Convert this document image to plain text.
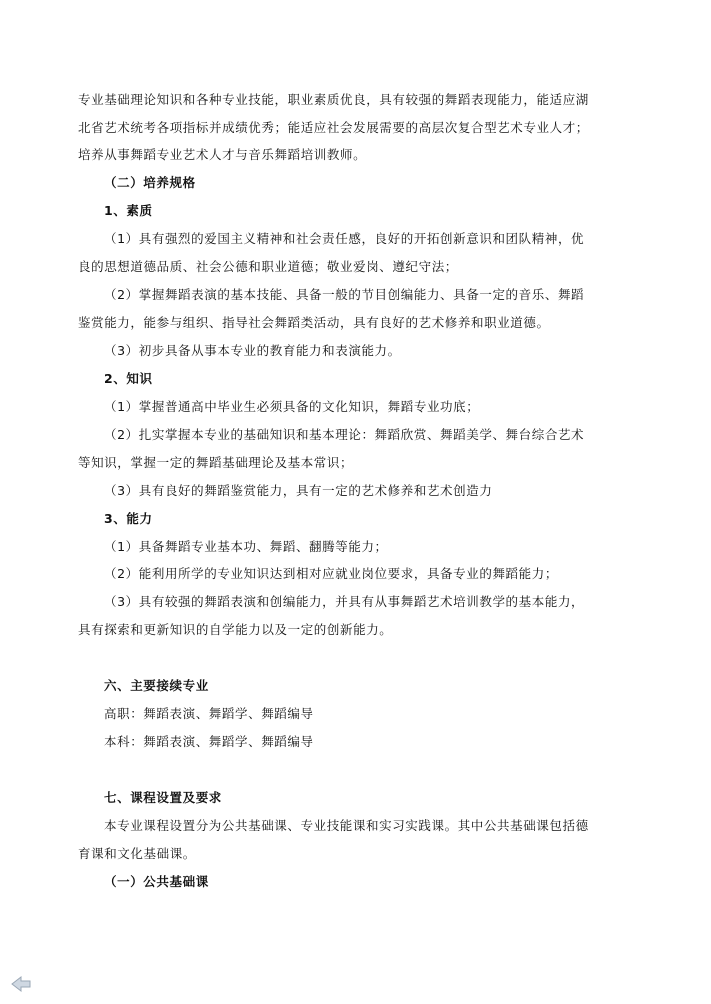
专业基础理论知识和各种专业技能，职业素质优良，具有较强的舞蹈表现能力，能适应湖
北省艺术统考各项指标并成绩优秀；能适应社会发展需要的高层次复合型艺术专业人才；
培养从事舞蹈专业艺术人才与音乐舞蹈培训教师。
（二）培养规格
1、素质
（1）具有强烈的爱国主义精神和社会责任感，良好的开拓创新意识和团队精神，优
良的思想道德品质、社会公德和职业道德；敬业爱岗、遵纪守法；
（2）掌握舞蹈表演的基本技能、具备一般的节目创编能力、具备一定的音乐、舞蹈
鉴赏能力，能参与组织、指导社会舞蹈类活动，具有良好的艺术修养和职业道德。
（3）初步具备从事本专业的教育能力和表演能力。
2、知识
（1）掌握普通高中毕业生必须具备的文化知识，舞蹈专业功底；
（2）扎实掌握本专业的基础知识和基本理论：舞蹈欣赏、舞蹈美学、舞台综合艺术
等知识，掌握一定的舞蹈基础理论及基本常识；
（3）具有良好的舞蹈鉴赏能力，具有一定的艺术修养和艺术创造力
3、能力
（1）具备舞蹈专业基本功、舞蹈、翻腾等能力；
（2）能利用所学的专业知识达到相对应就业岗位要求，具备专业的舞蹈能力；
（3）具有较强的舞蹈表演和创编能力，并具有从事舞蹈艺术培训教学的基本能力，
具有探索和更新知识的自学能力以及一定的创新能力。
六、主要接续专业
高职：舞蹈表演、舞蹈学、舞蹈编导
本科：舞蹈表演、舞蹈学、舞蹈编导
七、课程设置及要求
本专业课程设置分为公共基础课、专业技能课和实习实践课。其中公共基础课包括德
育课和文化基础课。
（一）公共基础课
